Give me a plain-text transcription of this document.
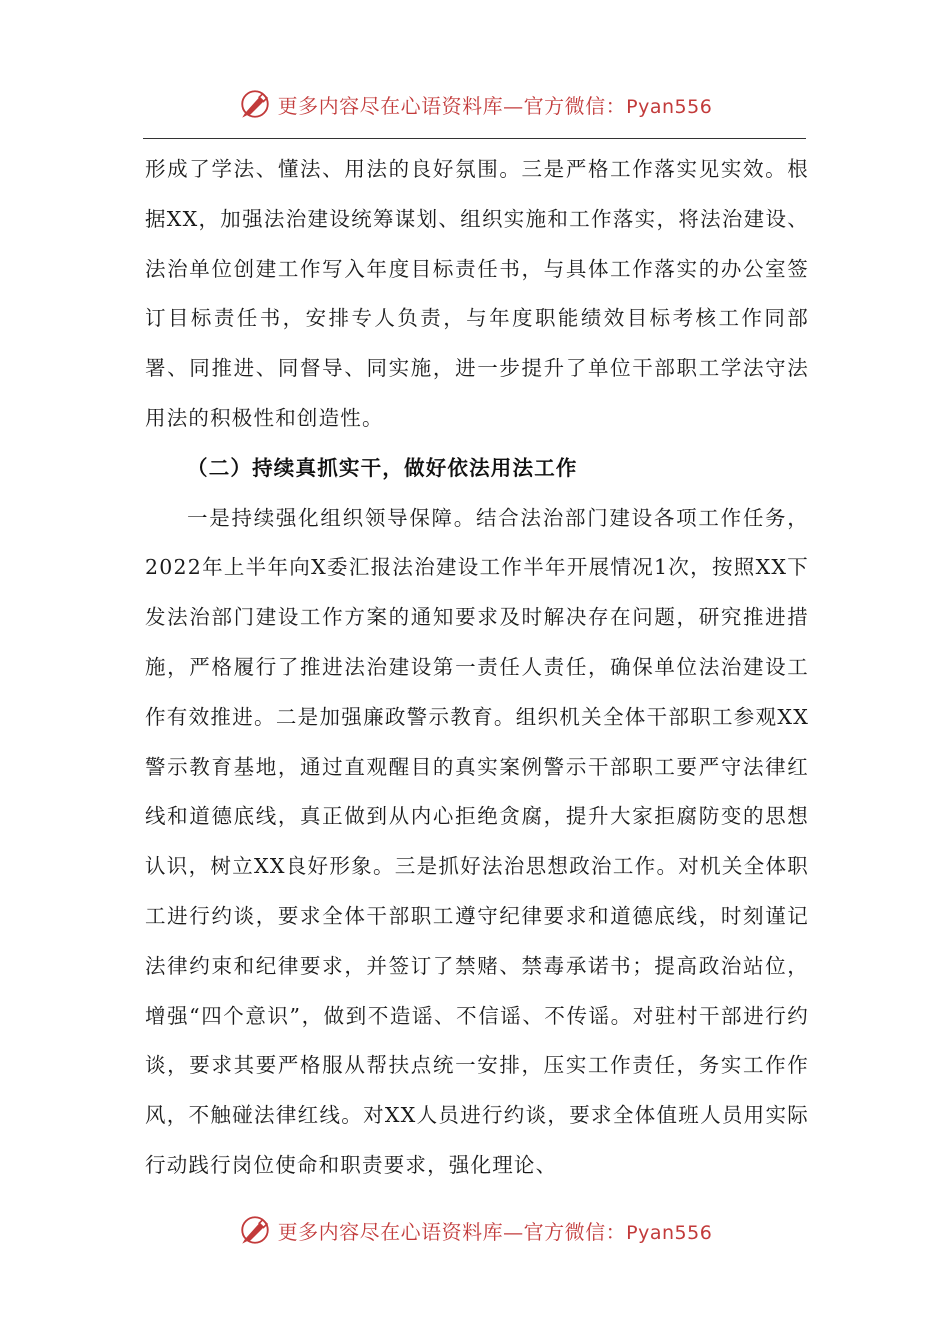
更多内容尽在心语资料库—官方微信：Pyan556

形成了学法、懂法、用法的良好氛围。三是严格工作落实见实效。根据XX，加强法治建设统筹谋划、组织实施和工作落实，将法治建设、法治单位创建工作写入年度目标责任书，与具体工作落实的办公室签订目标责任书，安排专人负责，与年度职能绩效目标考核工作同部署、同推进、同督导、同实施，进一步提升了单位干部职工学法守法用法的积极性和创造性。

（二）持续真抓实干，做好依法用法工作

一是持续强化组织领导保障。结合法治部门建设各项工作任务，2022年上半年向X委汇报法治建设工作半年开展情况1次，按照XX下发法治部门建设工作方案的通知要求及时解决存在问题，研究推进措施，严格履行了推进法治建设第一责任人责任，确保单位法治建设工作有效推进。二是加强廉政警示教育。组织机关全体干部职工参观XX警示教育基地，通过直观醒目的真实案例警示干部职工要严守法律红线和道德底线，真正做到从内心拒绝贪腐，提升大家拒腐防变的思想认识，树立XX良好形象。三是抓好法治思想政治工作。对机关全体职工进行约谈，要求全体干部职工遵守纪律要求和道德底线，时刻谨记法律约束和纪律要求，并签订了禁赌、禁毒承诺书；提高政治站位，增强“四个意识”，做到不造谣、不信谣、不传谣。对驻村干部进行约谈，要求其要严格服从帮扶点统一安排，压实工作责任，务实工作作风，不触碰法律红线。对XX人员进行约谈，要求全体值班人员用实际行动践行岗位使命和职责要求，强化理论、

更多内容尽在心语资料库—官方微信：Pyan556
